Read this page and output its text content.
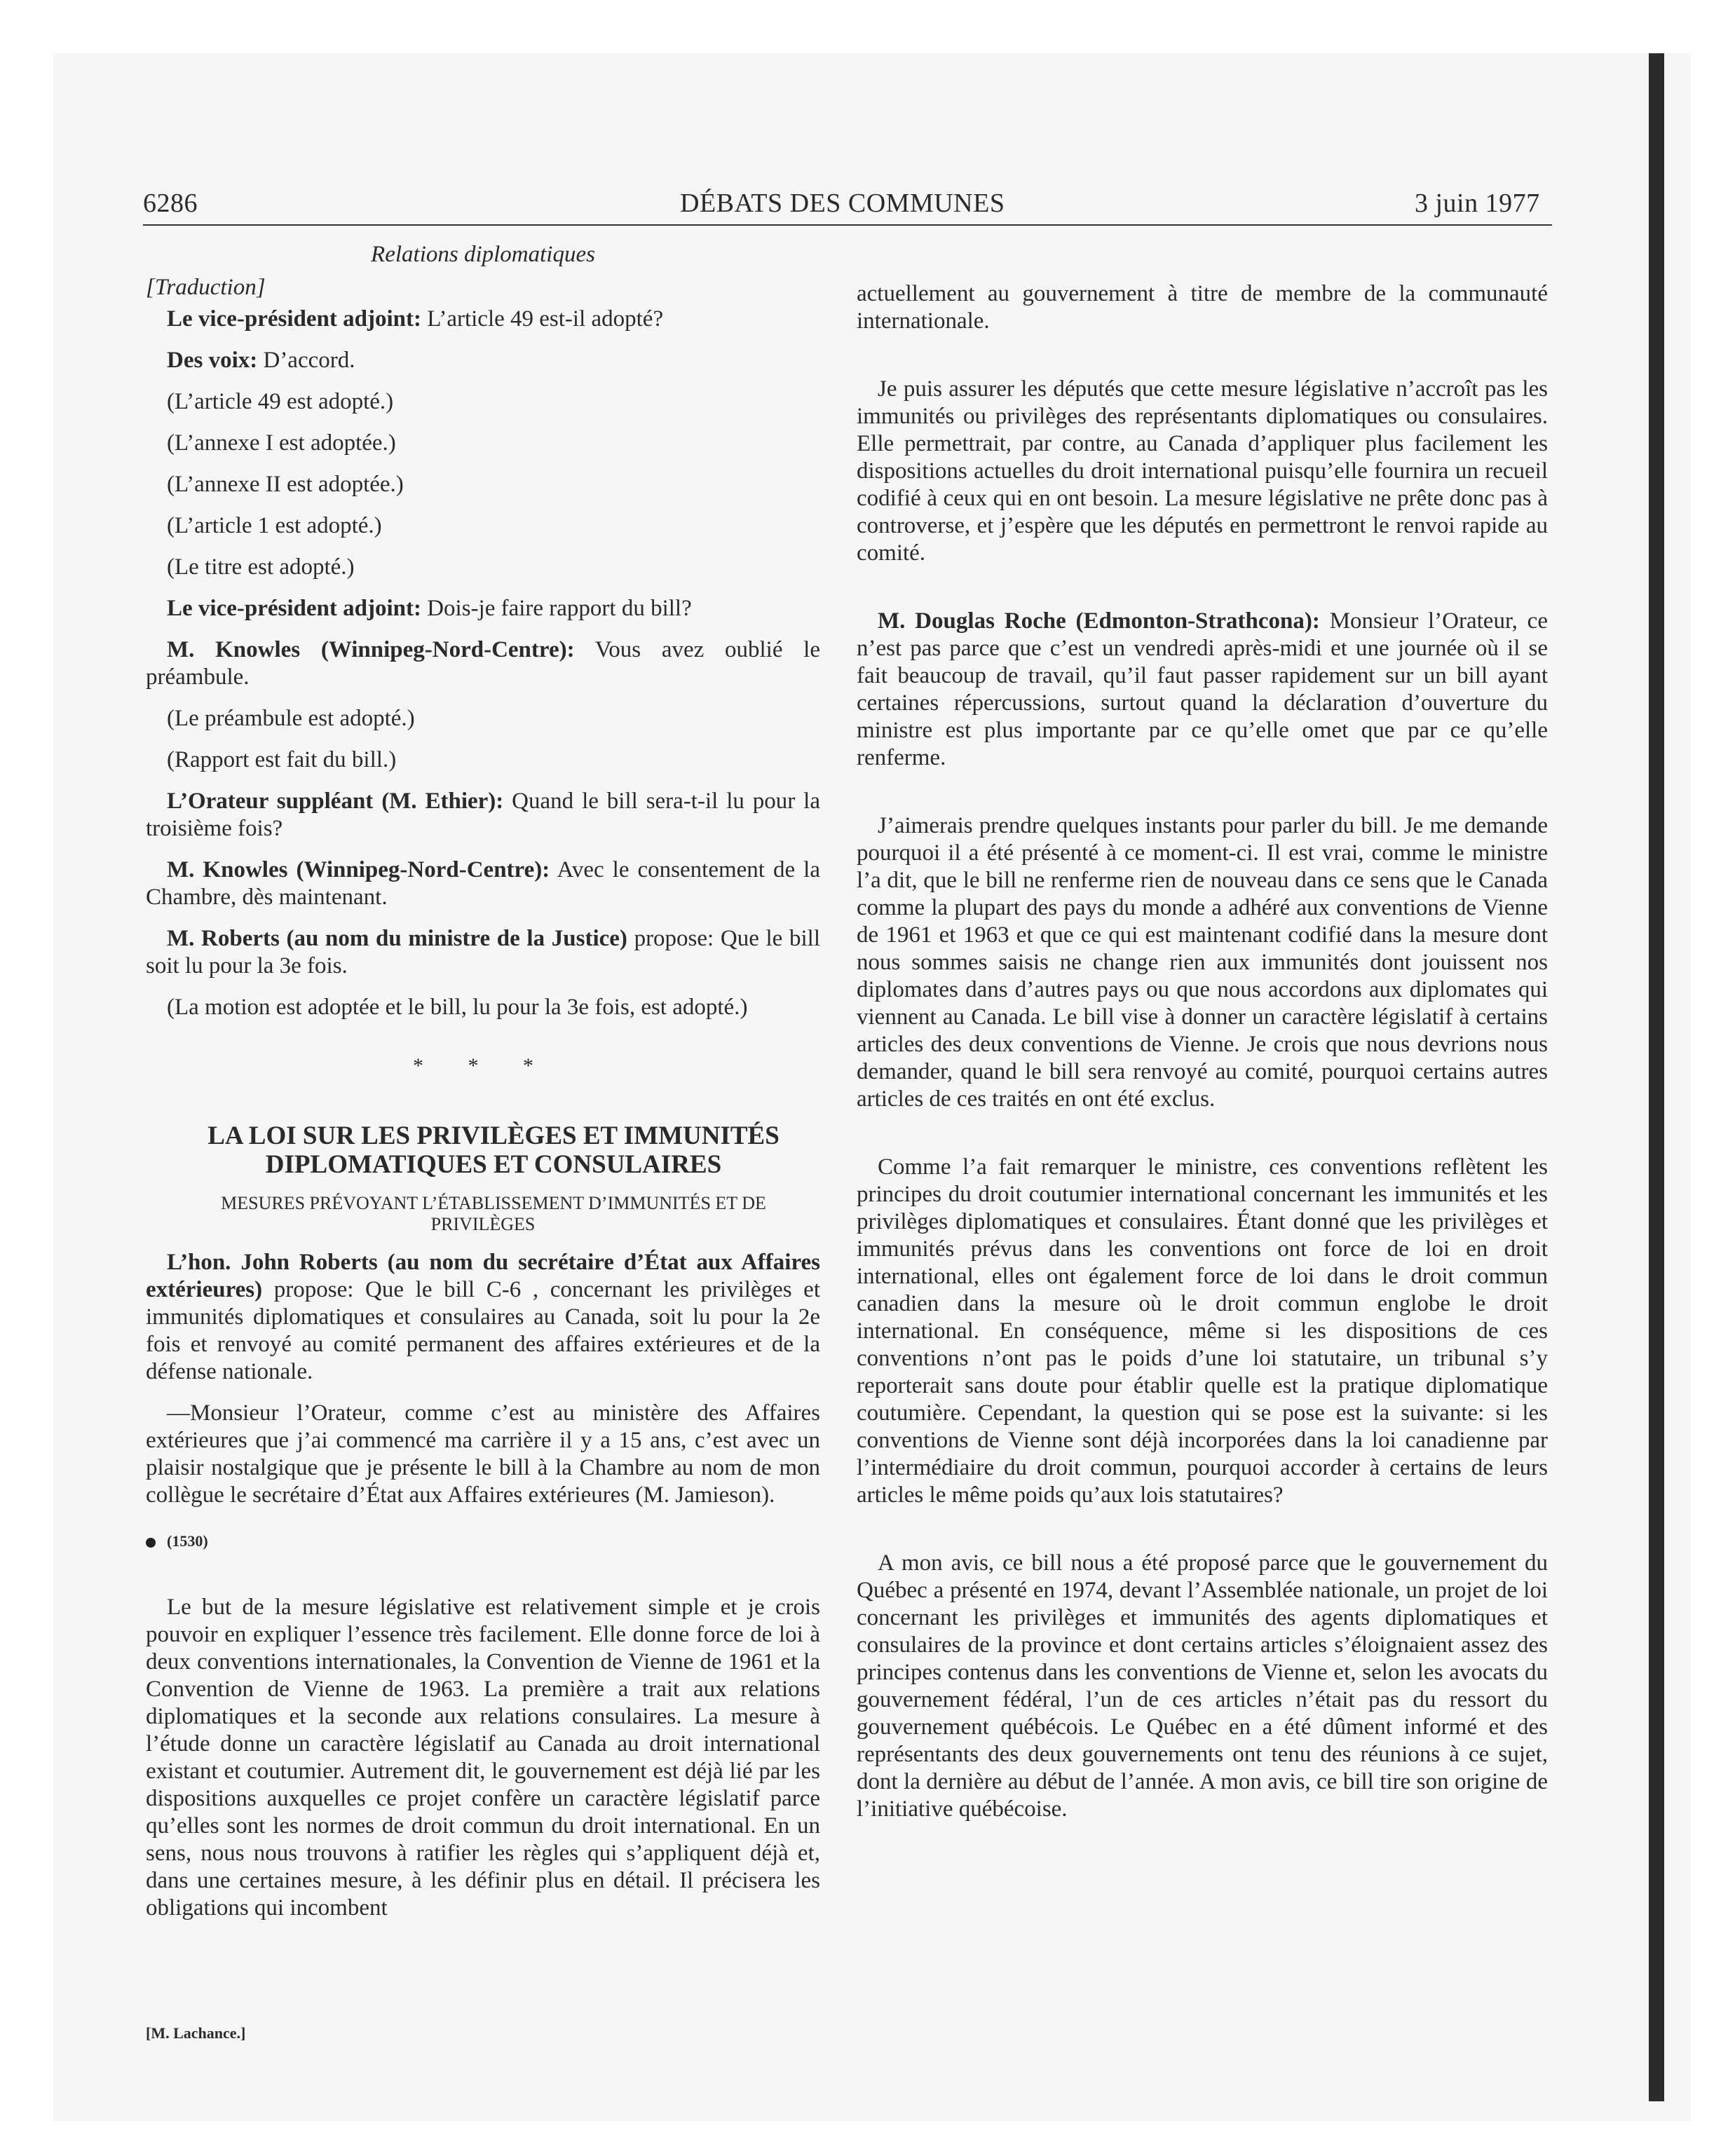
6286	DÉBATS DES COMMUNES	3 juin 1977

Relations diplomatiques

[Traduction]

Le vice-président adjoint: L’article 49 est-il adopté?

Des voix: D’accord.

(L’article 49 est adopté.)

(L’annexe I est adoptée.)

(L’annexe II est adoptée.)

(L’article 1 est adopté.)

(Le titre est adopté.)

Le vice-président adjoint: Dois-je faire rapport du bill?

M. Knowles (Winnipeg-Nord-Centre): Vous avez oublié le préambule.

(Le préambule est adopté.)

(Rapport est fait du bill.)

L’Orateur suppléant (M. Ethier): Quand le bill sera-t-il lu pour la troisième fois?

M. Knowles (Winnipeg-Nord-Centre): Avec le consentement de la Chambre, dès maintenant.

M. Roberts (au nom du ministre de la Justice) propose: Que le bill soit lu pour la 3e fois.

(La motion est adoptée et le bill, lu pour la 3e fois, est adopté.)

* * *

LA LOI SUR LES PRIVILÈGES ET IMMUNITÉS

DIPLOMATIQUES ET CONSULAIRES

MESURES PRÉVOYANT L’ÉTABLISSEMENT D’IMMUNITÉS ET DE PRIVILÈGES

L’hon. John Roberts (au nom du secrétaire d’État aux Affaires extérieures) propose: Que le bill C-6 , concernant les privilèges et immunités diplomatiques et consulaires au Canada, soit lu pour la 2e fois et renvoyé au comité permanent des affaires extérieures et de la défense nationale.

—Monsieur l’Orateur, comme c’est au ministère des Affaires extérieures que j’ai commencé ma carrière il y a 15 ans, c’est avec un plaisir nostalgique que je présente le bill à la Chambre au nom de mon collègue le secrétaire d’État aux Affaires extérieures (M. Jamieson).

(1530)

Le but de la mesure législative est relativement simple et je crois pouvoir en expliquer l’essence très facilement. Elle donne force de loi à deux conventions internationales, la Convention de Vienne de 1961 et la Convention de Vienne de 1963. La première a trait aux relations diplomatiques et la seconde aux relations consulaires. La mesure à l’étude donne un caractère législatif au Canada au droit international existant et coutumier. Autrement dit, le gouvernement est déjà lié par les dispositions auxquelles ce projet confère un caractère législatif parce qu’elles sont les normes de droit commun du droit international. En un sens, nous nous trouvons à ratifier les règles qui s’appliquent déjà et, dans une certaines mesure, à les définir plus en détail. Il précisera les obligations qui incombent

[M. Lachance.]

actuellement au gouvernement à titre de membre de la communauté internationale.

Je puis assurer les députés que cette mesure législative n’accroît pas les immunités ou privilèges des représentants diplomatiques ou consulaires. Elle permettrait, par contre, au Canada d’appliquer plus facilement les dispositions actuelles du droit international puisqu’elle fournira un recueil codifié à ceux qui en ont besoin. La mesure législative ne prête donc pas à controverse, et j’espère que les députés en permettront le renvoi rapide au comité.

M. Douglas Roche (Edmonton-Strathcona): Monsieur l’Orateur, ce n’est pas parce que c’est un vendredi après-midi et une journée où il se fait beaucoup de travail, qu’il faut passer rapidement sur un bill ayant certaines répercussions, surtout quand la déclaration d’ouverture du ministre est plus importante par ce qu’elle omet que par ce qu’elle renferme.

J’aimerais prendre quelques instants pour parler du bill. Je me demande pourquoi il a été présenté à ce moment-ci. Il est vrai, comme le ministre l’a dit, que le bill ne renferme rien de nouveau dans ce sens que le Canada comme la plupart des pays du monde a adhéré aux conventions de Vienne de 1961 et 1963 et que ce qui est maintenant codifié dans la mesure dont nous sommes saisis ne change rien aux immunités dont jouissent nos diplomates dans d’autres pays ou que nous accordons aux diplomates qui viennent au Canada. Le bill vise à donner un caractère législatif à certains articles des deux conventions de Vienne. Je crois que nous devrions nous demander, quand le bill sera renvoyé au comité, pourquoi certains autres articles de ces traités en ont été exclus.

Comme l’a fait remarquer le ministre, ces conventions reflètent les principes du droit coutumier international concernant les immunités et les privilèges diplomatiques et consulaires. Étant donné que les privilèges et immunités prévus dans les conventions ont force de loi en droit international, elles ont également force de loi dans le droit commun canadien dans la mesure où le droit commun englobe le droit international. En conséquence, même si les dispositions de ces conventions n’ont pas le poids d’une loi statutaire, un tribunal s’y reporterait sans doute pour établir quelle est la pratique diplomatique coutumière. Cependant, la question qui se pose est la suivante: si les conventions de Vienne sont déjà incorporées dans la loi canadienne par l’intermédiaire du droit commun, pourquoi accorder à certains de leurs articles le même poids qu’aux lois statutaires?

A mon avis, ce bill nous a été proposé parce que le gouvernement du Québec a présenté en 1974, devant l’Assemblée nationale, un projet de loi concernant les privilèges et immunités des agents diplomatiques et consulaires de la province et dont certains articles s’éloignaient assez des principes contenus dans les conventions de Vienne et, selon les avocats du gouvernement fédéral, l’un de ces articles n’était pas du ressort du gouvernement québécois. Le Québec en a été dûment informé et des représentants des deux gouvernements ont tenu des réunions à ce sujet, dont la dernière au début de l’année. A mon avis, ce bill tire son origine de l’initiative québécoise.
